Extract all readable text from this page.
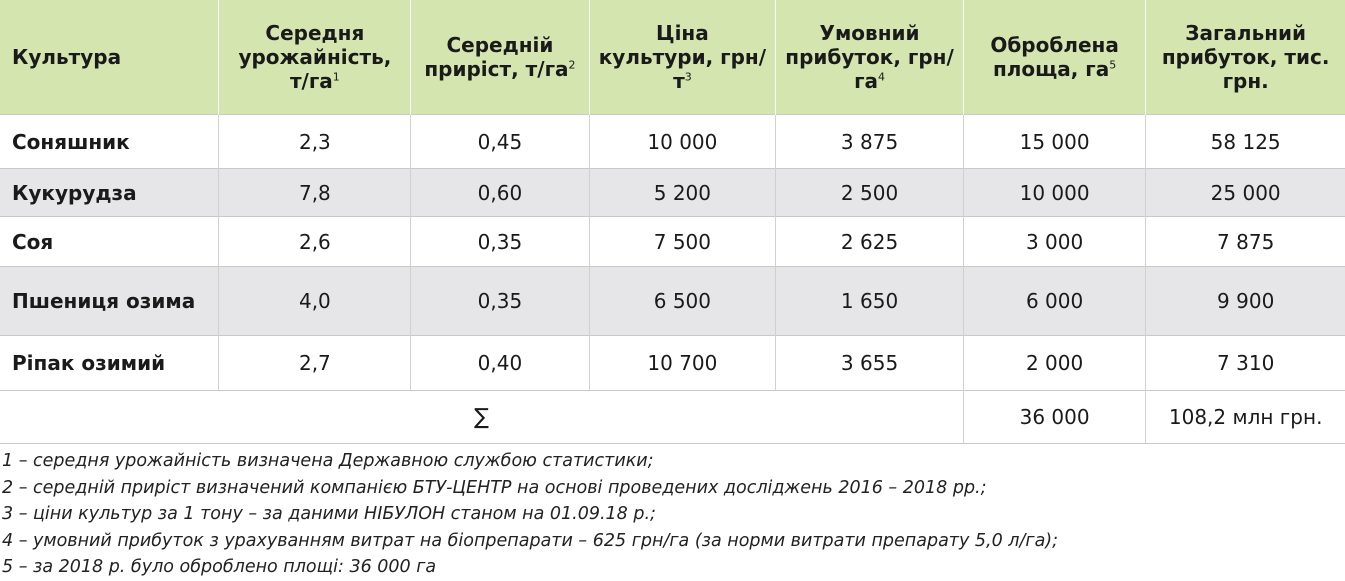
Культура	Середня урожайність, $т/га^1$	Середній приріст, $т/га^2$	Ціна культури, грн/$т^3$	Умовний прибуток, грн/$га^4$	Оброблена площа, $га^5$	Загальний прибуток, тис. грн.
Соняшник	2,3	0,45	10 000	3 875	15 000	58 125
Кукурудза	7,8	0,60	5 200	2 500	10 000	25 000
Соя	2,6	0,35	7 500	2 625	3 000	7 875
Пшениця озима	4,0	0,35	6 500	1 650	6 000	9 900
Ріпак озимий	2,7	0,40	10 700	3 655	2 000	7 310
∑					36 000	108,2 млн грн.
1 – середня урожайність визначена Державною службою статистики;
2 – середній приріст визначений компанією БТУ-ЦЕНТР на основі проведених досліджень 2016 – 2018 рр.;
3 – ціни культур за 1 тону – за даними НІБУЛОН станом на 01.09.18 р.;
4 – умовний прибуток з урахуванням витрат на біопрепарати – 625 грн/га (за норми витрати препарату 5,0 л/га);
5 – за 2018 р. було оброблено площі: 36 000 га
